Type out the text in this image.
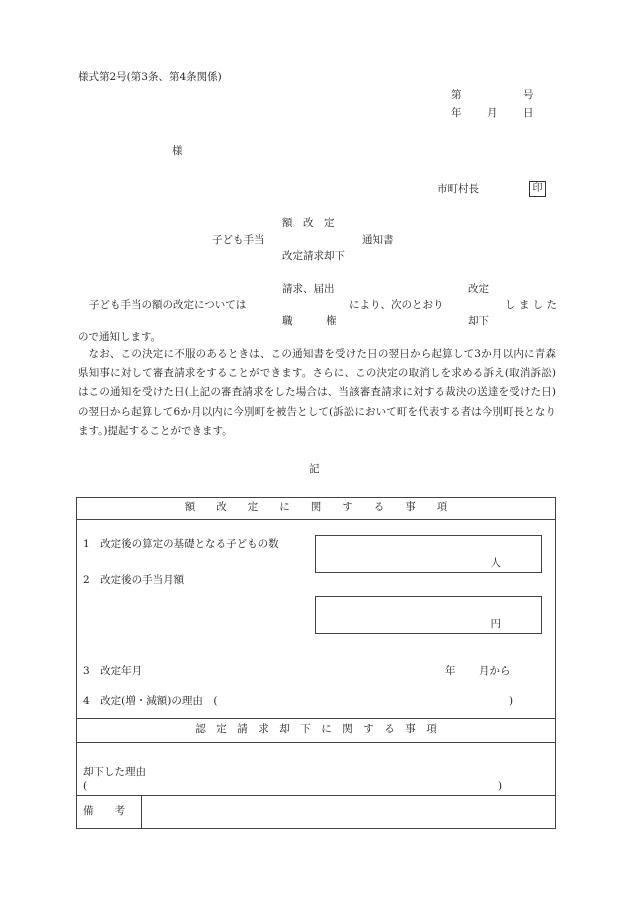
様式第2号(第3条、第4条関係)
第	号
年 月 日
様
市町村長	印
額　改　定
子ども手当	通知書
改定請求却下
請求、届出	改定
子ども手当の額の改定については	により、次のとおり	し ま し た
職	権	却下
ので通知します。
なお、この決定に不服のあるときは、この通知書を受けた日の翌日から起算して3か月以内に青森県知事に対して審査請求をすることができます。さらに、この決定の取消しを求める訴え(取消訴訟)はこの通知を受けた日(上記の審査請求をした場合は、当該審査請求に対する裁決の送達を受けた日)の翌日から起算して6か月以内に今別町を被告として(訴訟において町を代表する者は今別町長となります。)提起することができます。
記
額　　改　　定　　に　　関　　す　　る　　事　　項
1　改定後の算定の基礎となる子どもの数
人
2　改定後の手当月額
円
3　改定年月	年 月から
4　改定(増・減額)の理由　(	)
認　定　請　求　却　下　に　関　す　る　事　項
却下した理由
(	)
備　　考
